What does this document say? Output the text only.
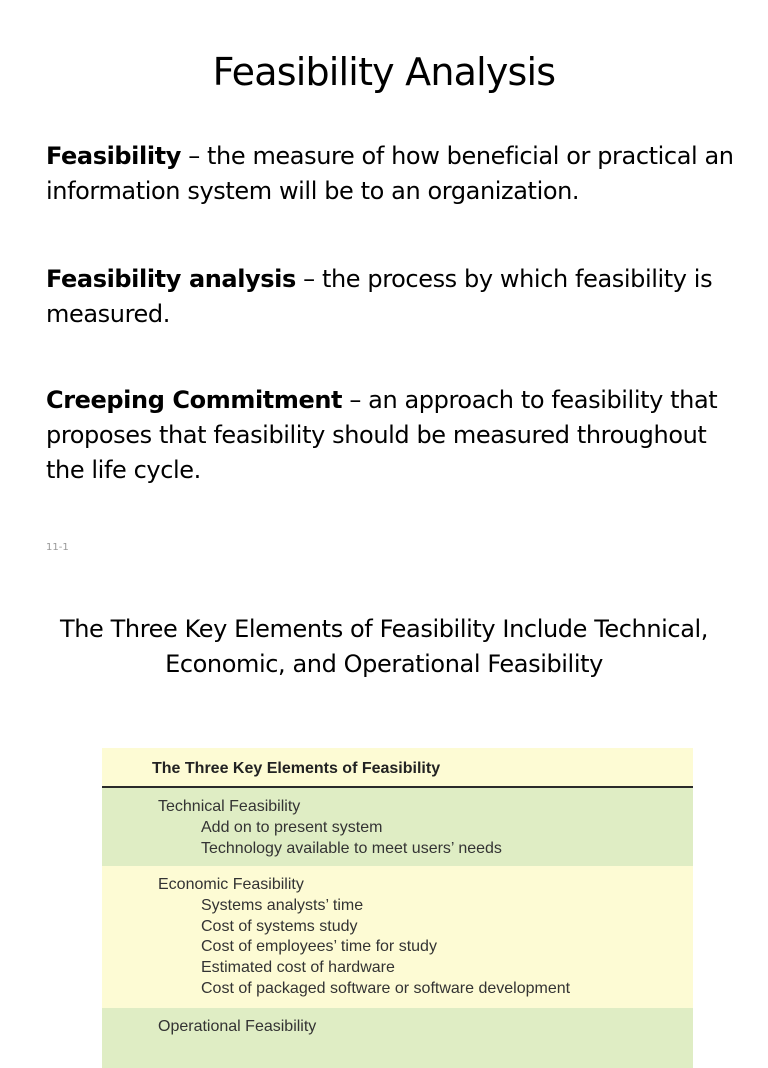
Feasibility Analysis

Feasibility – the measure of how beneficial or practical an information system will be to an organization.

Feasibility analysis – the process by which feasibility is measured.

Creeping Commitment – an approach to feasibility that proposes that feasibility should be measured throughout the life cycle.

11-1
The Three Key Elements of Feasibility Include Technical, Economic, and Operational Feasibility
The Three Key Elements of Feasibility
Technical Feasibility
Add on to present system
Technology available to meet users’ needs
Economic Feasibility
Systems analysts’ time
Cost of systems study
Cost of employees’ time for study
Estimated cost of hardware
Cost of packaged software or software development
Operational Feasibility
